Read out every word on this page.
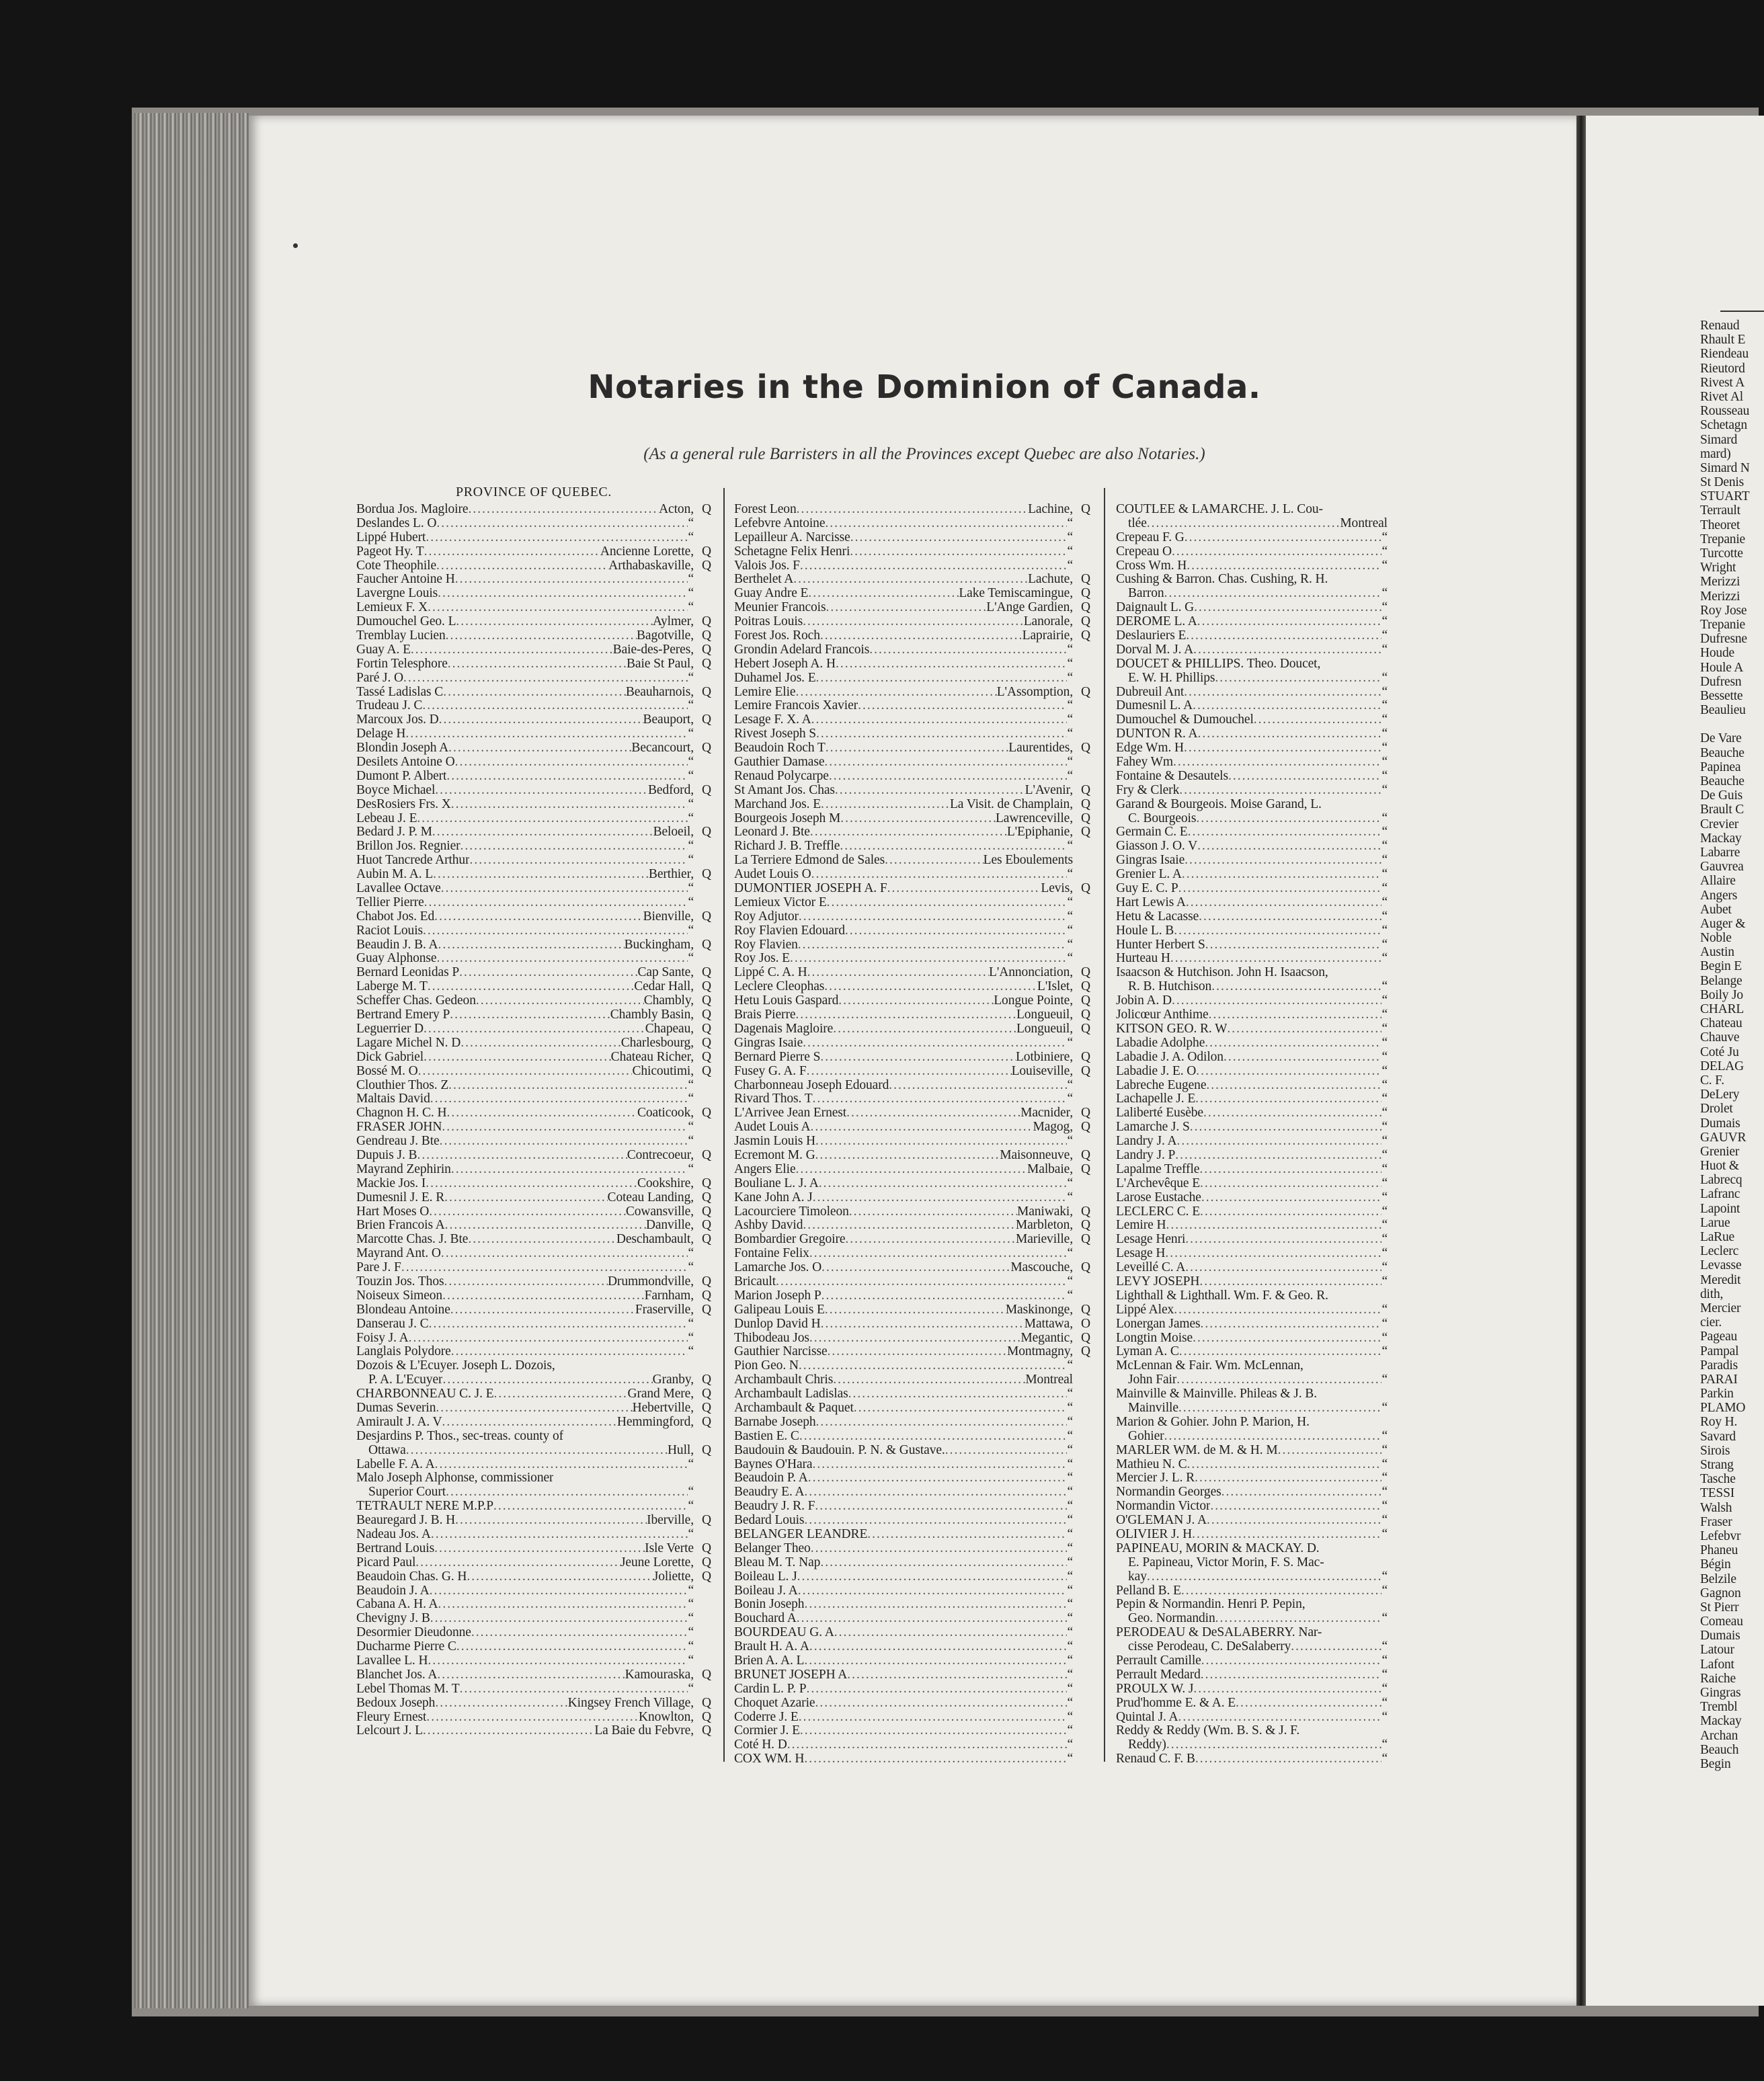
Notaries in the Dominion of Canada.
(As a general rule Barristers in all the Provinces except Quebec are also Notaries.)
PROVINCE OF QUEBEC.
Bordua Jos. Magloire .....	Acton, Q
Deslandes L. O .....	“
Lippé Hubert .....	“
Pageot Hy. T .....	Ancienne Lorette, Q
Cote Theophile .....	Arthabaskaville, Q
Faucher Antoine H .....	“
Lavergne Louis .....	“
Lemieux F. X .....	“
Dumouchel Geo. L .....	Aylmer, Q
Tremblay Lucien .....	Bagotville, Q
Guay A. E .....	Baie-des-Peres, Q
Fortin Telesphore .....	Baie St Paul, Q
Paré J. O .....	“
Tassé Ladislas C .....	Beauharnois, Q
Trudeau J. C .....	“
Marcoux Jos. D .....	Beauport, Q
Delage H .....	“
Blondin Joseph A .....	Becancourt, Q
Desilets Antoine O .....	“
Dumont P. Albert .....	“
Boyce Michael .....	Bedford, Q
DesRosiers Frs. X .....	“
Lebeau J. E .....	“
Bedard J. P. M .....	Beloeil, Q
Brillon Jos. Regnier .....	“
Huot Tancrede Arthur .....	“
Aubin M. A. L .....	Berthier, Q
Lavallee Octave .....	“
Tellier Pierre .....	“
Chabot Jos. Ed .....	Bienville, Q
Raciot Louis .....	“
Beaudin J. B. A .....	Buckingham, Q
Guay Alphonse .....	“
Bernard Leonidas P .....	Cap Sante, Q
Laberge M. T .....	Cedar Hall, Q
Scheffer Chas. Gedeon .....	Chambly, Q
Bertrand Emery P .....	Chambly Basin, Q
Leguerrier D .....	Chapeau, Q
Lagare Michel N. D .....	Charlesbourg, Q
Dick Gabriel .....	Chateau Richer, Q
Bossé M. O .....	Chicoutimi, Q
Clouthier Thos. Z .....	“
Maltais David .....	“
Chagnon H. C. H .....	Coaticook, Q
FRASER JOHN .....	“
Gendreau J. Bte .....	“
Dupuis J. B .....	Contrecoeur, Q
Mayrand Zephirin .....	“
Mackie Jos. I .....	Cookshire, Q
Dumesnil J. E. R .....	Coteau Landing, Q
Hart Moses O .....	Cowansville, Q
Brien Francois A .....	Danville, Q
Marcotte Chas. J. Bte .....	Deschambault, Q
Mayrand Ant. O .....	“
Pare J. F .....	“
Touzin Jos. Thos .....	Drummondville, Q
Noiseux Simeon .....	Farnham, Q
Blondeau Antoine .....	Fraserville, Q
Danserau J. C .....	“
Foisy J. A .....	“
Langlais Polydore .....	“
Dozois & L'Ecuyer. Joseph L. Dozois,
P. A. L'Ecuyer .....	Granby, Q
CHARBONNEAU C. J. E .....	Grand Mere, Q
Dumas Severin .....	Hebertville, Q
Amirault J. A. V .....	Hemmingford, Q
Desjardins P. Thos., sec-treas. county of
Ottawa .....	Hull, Q
Labelle F. A. A .....	“
Malo Joseph Alphonse, commissioner
Superior Court .....	“
TETRAULT NERE M.P.P .....	“
Beauregard J. B. H .....	Iberville, Q
Nadeau Jos. A .....	“
Bertrand Louis .....	Isle Verte Q
Picard Paul .....	Jeune Lorette, Q
Beaudoin Chas. G. H .....	Joliette, Q
Beaudoin J. A .....	“
Cabana A. H. A .....	“
Chevigny J. B .....	“
Desormier Dieudonne .....	“
Ducharme Pierre C .....	“
Lavallee L. H .....	“
Blanchet Jos. A .....	Kamouraska, Q
Lebel Thomas M. T .....	“
Bedoux Joseph .....	Kingsey French Village, Q
Fleury Ernest .....	Knowlton, Q
Lelcourt J. L .....	La Baie du Febvre, Q
Forest Leon .....	Lachine, Q
Lefebvre Antoine .....	“
Lepailleur A. Narcisse .....	“
Schetagne Felix Henri .....	“
Valois Jos. F .....	“
Berthelet A .....	Lachute, Q
Guay Andre E .....	Lake Temiscamingue, Q
Meunier Francois .....	L'Ange Gardien, Q
Poitras Louis .....	Lanorale, Q
Forest Jos. Roch .....	Laprairie, Q
Grondin Adelard Francois .....	“
Hebert Joseph A. H .....	“
Duhamel Jos. E .....	“
Lemire Elie .....	L'Assomption, Q
Lemire Francois Xavier .....	“
Lesage F. X. A .....	“
Rivest Joseph S .....	“
Beaudoin Roch T .....	Laurentides, Q
Gauthier Damase .....	“
Renaud Polycarpe .....	“
St Amant Jos. Chas .....	L'Avenir, Q
Marchand Jos. E .....	La Visit. de Champlain, Q
Bourgeois Joseph M .....	Lawrenceville, Q
Leonard J. Bte .....	L'Epiphanie, Q
Richard J. B. Treffle .....	“
La Terriere Edmond de Sales .....	Les Eboulements
Audet Louis O .....	“
DUMONTIER JOSEPH A. F .....	Levis, Q
Lemieux Victor E .....	“
Roy Adjutor .....	“
Roy Flavien Edouard .....	“
Roy Flavien .....	“
Roy Jos. E .....	“
Lippé C. A. H .....	L'Annonciation, Q
Leclere Cleophas .....	L'Islet, Q
Hetu Louis Gaspard .....	Longue Pointe, Q
Brais Pierre .....	Longueuil, Q
Dagenais Magloire .....	Longueuil, Q
Gingras Isaie .....	“
Bernard Pierre S .....	Lotbiniere, Q
Fusey G. A. F .....	Louiseville, Q
Charbonneau Joseph Edouard .....	“
Rivard Thos. T .....	“
L'Arrivee Jean Ernest .....	Macnider, Q
Audet Louis A .....	Magog, Q
Jasmin Louis H .....	“
Ecremont M. G .....	Maisonneuve, Q
Angers Elie .....	Malbaie, Q
Bouliane L. J. A .....	“
Kane John A. J .....	“
Lacourciere Timoleon .....	Maniwaki, Q
Ashby David .....	Marbleton, Q
Bombardier Gregoire .....	Marieville, Q
Fontaine Felix .....	“
Lamarche Jos. O .....	Mascouche, Q
Bricault .....	“
Marion Joseph P .....	“
Galipeau Louis E .....	Maskinonge, Q
Dunlop David H .....	Mattawa, O
Thibodeau Jos .....	Megantic, Q
Gauthier Narcisse .....	Montmagny, Q
Pion Geo. N .....	“
Archambault Chris .....	Montreal
Archambault Ladislas .....	“
Archambault & Paquet .....	“
Barnabe Joseph .....	“
Bastien E. C .....	“
Baudouin & Baudouin. P. N. & Gustave. .....	“
Baynes O'Hara .....	“
Beaudoin P. A .....	“
Beaudry E. A .....	“
Beaudry J. R. F .....	“
Bedard Louis .....	“
BELANGER LEANDRE .....	“
Belanger Theo .....	“
Bleau M. T. Nap .....	“
Boileau L. J .....	“
Boileau J. A .....	“
Bonin Joseph .....	“
Bouchard A .....	“
BOURDEAU G. A .....	“
Brault H. A. A .....	“
Brien A. A. L .....	“
BRUNET JOSEPH A .....	“
Cardin L. P. P .....	“
Choquet Azarie .....	“
Coderre J. E .....	“
Cormier J. E .....	“
Coté H. D .....	“
COX WM. H .....	“
COUTLEE & LAMARCHE. J. L. Cou-
tlée .....	Montreal
Crepeau F. G .....	“
Crepeau O .....	“
Cross Wm. H .....	“
Cushing & Barron. Chas. Cushing, R. H.
Barron .....	“
Daignault L. G .....	“
DEROME L. A .....	“
Deslauriers E .....	“
Dorval M. J. A .....	“
DOUCET & PHILLIPS. Theo. Doucet,
E. W. H. Phillips .....	“
Dubreuil Ant .....	“
Dumesnil L. A .....	“
Dumouchel & Dumouchel .....	“
DUNTON R. A .....	“
Edge Wm. H .....	“
Fahey Wm .....	“
Fontaine & Desautels .....	“
Fry & Clerk .....	“
Garand & Bourgeois. Moise Garand, L.
C. Bourgeois .....	“
Germain C. E .....	“
Giasson J. O. V .....	“
Gingras Isaie .....	“
Grenier L. A .....	“
Guy E. C. P .....	“
Hart Lewis A .....	“
Hetu & Lacasse .....	“
Houle L. B .....	“
Hunter Herbert S .....	“
Hurteau H .....	“
Isaacson & Hutchison. John H. Isaacson,
R. B. Hutchison .....	“
Jobin A. D .....	“
Jolicœur Anthime .....	“
KITSON GEO. R. W .....	“
Labadie Adolphe .....	“
Labadie J. A. Odilon .....	“
Labadie J. E. O .....	“
Labreche Eugene .....	“
Lachapelle J. E .....	“
Laliberté Eusèbe .....	“
Lamarche J. S .....	“
Landry J. A .....	“
Landry J. P .....	“
Lapalme Treffle .....	“
L'Archevêque E .....	“
Larose Eustache .....	“
LECLERC C. E .....	“
Lemire H .....	“
Lesage Henri .....	“
Lesage H .....	“
Leveillé C. A .....	“
LEVY JOSEPH .....	“
Lighthall & Lighthall. Wm. F. & Geo. R.
Lippé Alex .....	“
Lonergan James .....	“
Longtin Moise .....	“
Lyman A. C .....	“
McLennan & Fair. Wm. McLennan,
John Fair .....	“
Mainville & Mainville. Phileas & J. B.
Mainville .....	“
Marion & Gohier. John P. Marion, H.
Gohier .....	“
MARLER WM. de M. & H. M .....	“
Mathieu N. C .....	“
Mercier J. L. R .....	“
Normandin Georges .....	“
Normandin Victor .....	“
O'GLEMAN J. A .....	“
OLIVIER J. H .....	“
PAPINEAU, MORIN & MACKAY. D.
E. Papineau, Victor Morin, F. S. Mac-
kay .....	“
Pelland B. E .....	“
Pepin & Normandin. Henri P. Pepin,
Geo. Normandin .....	“
PERODEAU & DeSALABERRY. Nar-
cisse Perodeau, C. DeSalaberry .....	“
Perrault Camille .....	“
Perrault Medard .....	“
PROULX W. J .....	“
Prud'homme E. & A. E .....	“
Quintal J. A .....	“
Reddy & Reddy (Wm. B. S. & J. F.
Reddy) .....	“
Renaud C. F. B .....	“
Renaud
Rhault E
Riendeau
Rieutord
Rivest A
Rivet Al
Rousseau
Schetagn
Simard
mard)
Simard N
St Denis
STUART
Terrault
Theoret
Trepanie
Turcotte
Wright
Merizzi
Merizzi
Roy Jose
Trepanie
Dufresne
Houde
Houle A
Dufresn
Bessette
Beaulieu
De Vare
Beauche
Papinea
Beauche
De Guis
Brault C
Crevier
Mackay
Labarre
Gauvrea
Allaire
Angers
Aubet
Auger &
Noble
Austin
Begin E
Belange
Boily Jo
CHARL
Chateau
Chauve
Coté Ju
DELAG
C. F.
DeLery
Drolet
Dumais
GAUVR
Grenier
Huot &
Labrecq
Lafranc
Lapoint
Larue
LaRue
Leclerc
Levasse
Meredit
dith,
Mercier
cier.
Pageau
Pampal
Paradis
PARAI
Parkin
PLAMO
Roy H.
Savard
Sirois
Strang
Tasche
TESSI
Walsh
Fraser
Lefebvr
Phaneu
Bégin
Belzile
Gagnon
St Pierr
Comeau
Dumais
Latour
Lafont
Raiche
Gingras
Trembl
Mackay
Archan
Beauch
Begin
